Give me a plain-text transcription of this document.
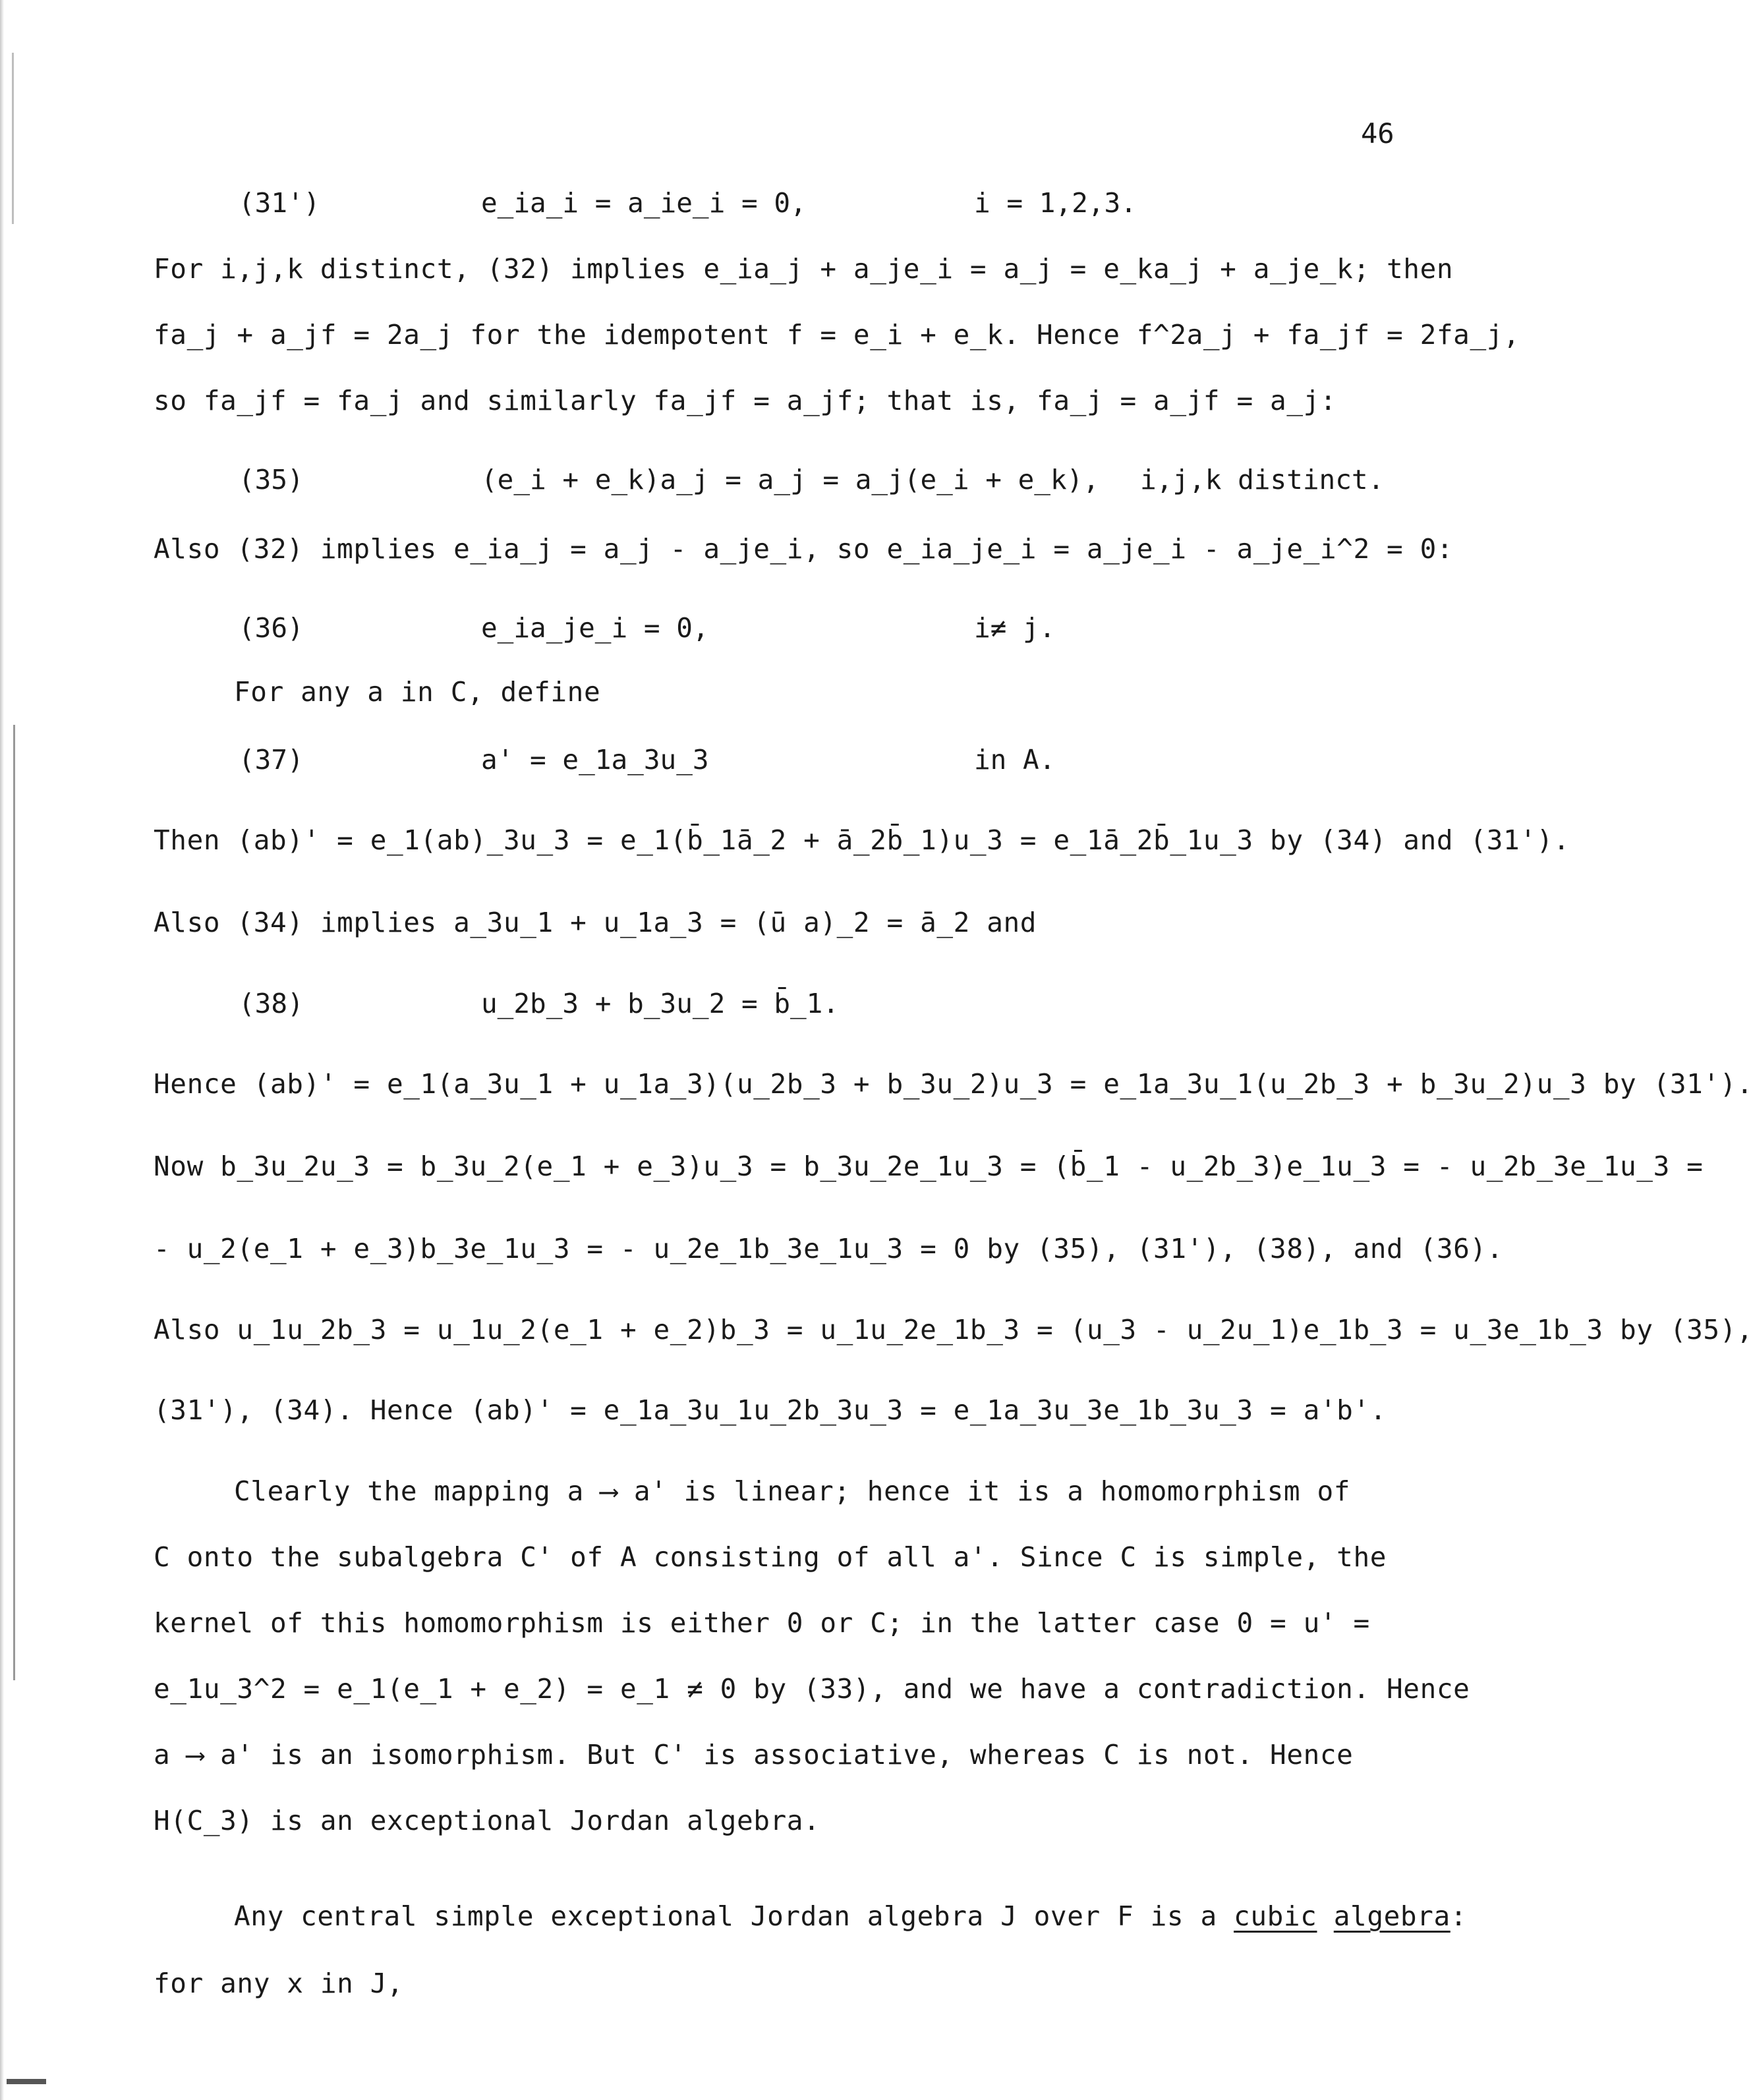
46
(31')	e_ia_i = a_ie_i = 0,	i = 1,2,3.
For i,j,k distinct, (32) implies e_ia_j + a_je_i = a_j = e_ka_j + a_je_k; then
fa_j + a_jf = 2a_j for the idempotent f = e_i + e_k. Hence f^2a_j + fa_jf = 2fa_j,
so fa_jf = fa_j and similarly fa_jf = a_jf; that is, fa_j = a_jf = a_j:
(35)	(e_i + e_k)a_j = a_j = a_j(e_i + e_k), i,j,k distinct.
Also (32) implies e_ia_j = a_j - a_je_i, so e_ia_je_i = a_je_i - a_je_i^2 = 0:
(36)	e_ia_je_i = 0,	i≠ j.
For any a in C, define
(37)	a' = e_1a_3u_3	in A.
Then (ab)' = e_1(ab)_3u_3 = e_1(b̄_1ā_2 + ā_2b̄_1)u_3 = e_1ā_2b̄_1u_3 by (34) and (31').
Also (34) implies a_3u_1 + u_1a_3 = (ū a)_2 = ā_2 and
(38)	u_2b_3 + b_3u_2 = b̄_1.
Hence (ab)' = e_1(a_3u_1 + u_1a_3)(u_2b_3 + b_3u_2)u_3 = e_1a_3u_1(u_2b_3 + b_3u_2)u_3 by (31').
Now b_3u_2u_3 = b_3u_2(e_1 + e_3)u_3 = b_3u_2e_1u_3 = (b̄_1 - u_2b_3)e_1u_3 = - u_2b_3e_1u_3 =
- u_2(e_1 + e_3)b_3e_1u_3 = - u_2e_1b_3e_1u_3 = 0 by (35), (31'), (38), and (36).
Also u_1u_2b_3 = u_1u_2(e_1 + e_2)b_3 = u_1u_2e_1b_3 = (u_3 - u_2u_1)e_1b_3 = u_3e_1b_3 by (35),
(31'), (34). Hence (ab)' = e_1a_3u_1u_2b_3u_3 = e_1a_3u_3e_1b_3u_3 = a'b'.
Clearly the mapping a ⟶ a' is linear; hence it is a homomorphism of
C onto the subalgebra C' of A consisting of all a'. Since C is simple, the
kernel of this homomorphism is either 0 or C; in the latter case 0 = u' =
e_1u_3^2 = e_1(e_1 + e_2) = e_1 ≠ 0 by (33), and we have a contradiction. Hence
a ⟶ a' is an isomorphism. But C' is associative, whereas C is not. Hence
H(C_3) is an exceptional Jordan algebra.
Any central simple exceptional Jordan algebra J over F is a cubic algebra:
for any x in J,
